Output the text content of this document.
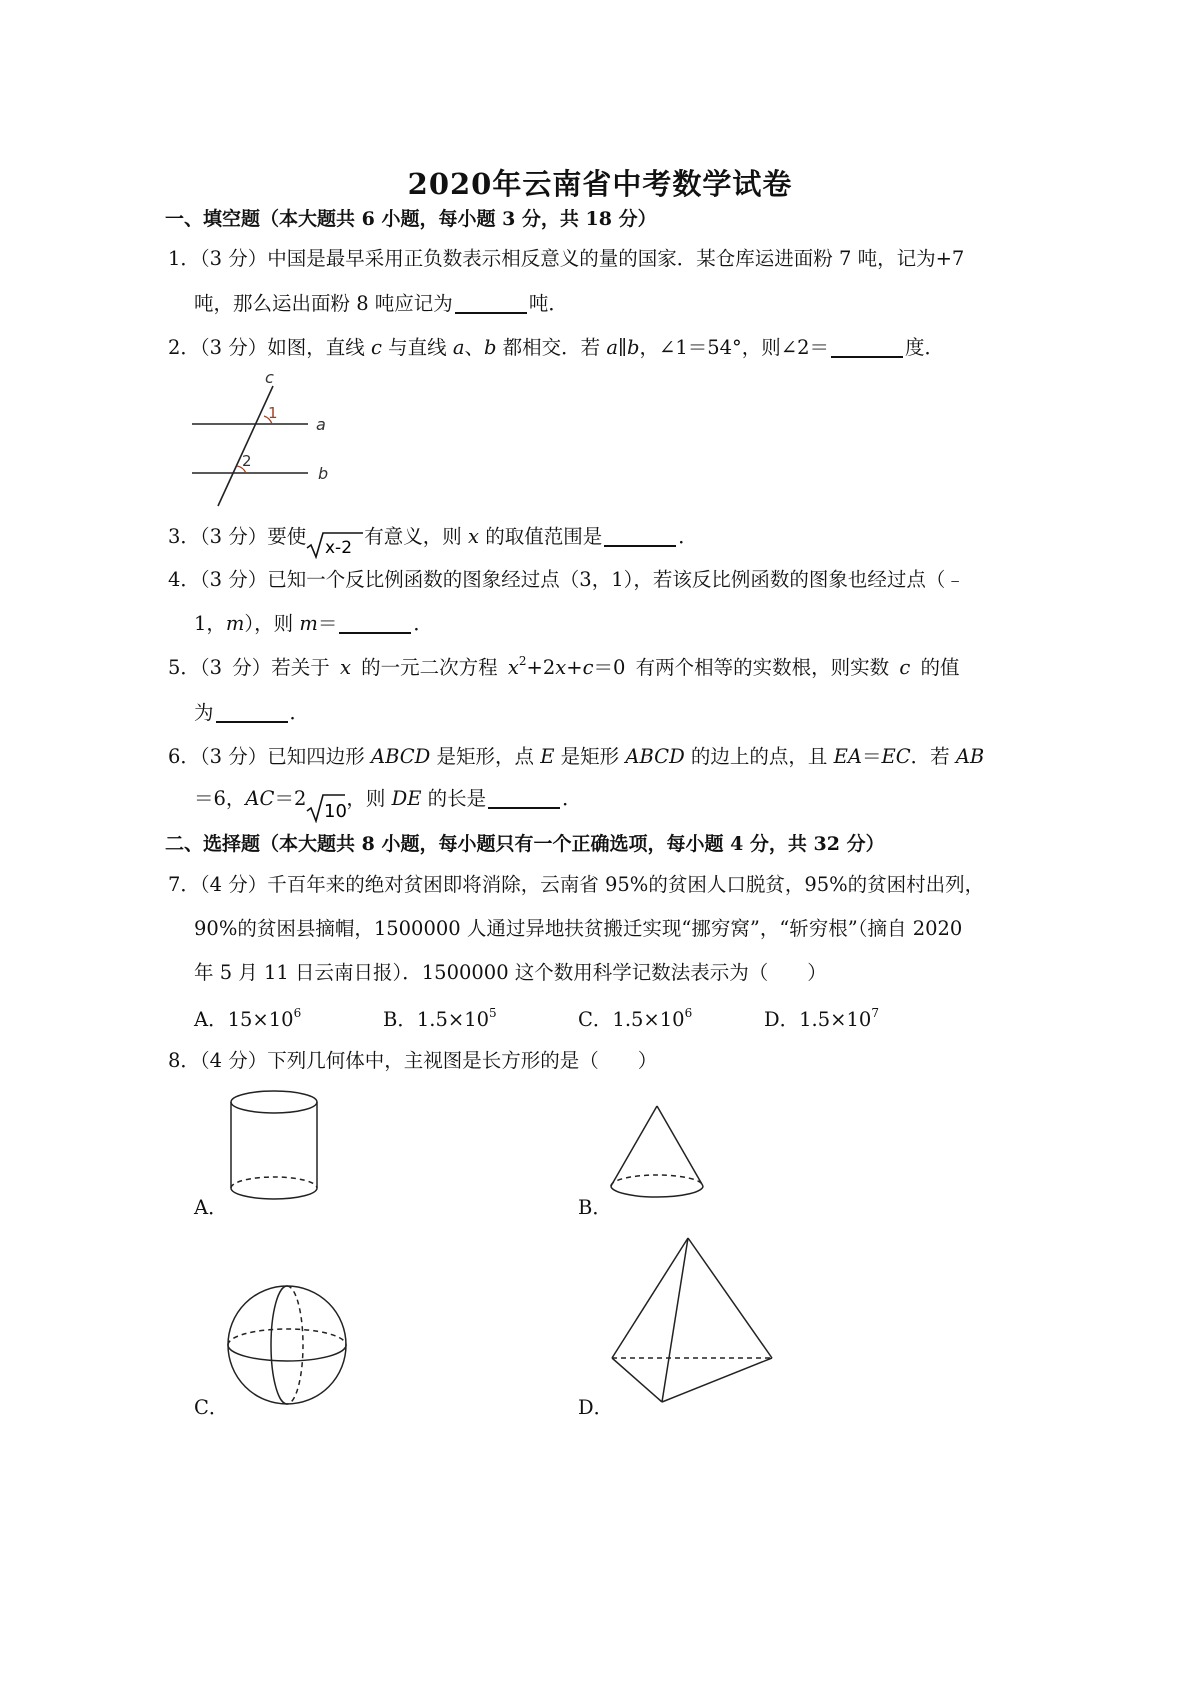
2020年云南省中考数学试卷
一、填空题（本大题共 6 小题，每小题 3 分，共 18 分）
1．（3 分）中国是最早采用正负数表示相反意义的量的国家．某仓库运进面粉 7 吨，记为+7
吨，那么运出面粉 8 吨应记为	吨．
2．（3 分）如图，直线 c 与直线 a、b 都相交．若 a∥b，∠1＝54°，则∠2＝	度．
c
a
b
1
2
3．（3 分）要使 x-2 有意义，则 x 的取值范围是	．
4．（3 分）已知一个反比例函数的图象经过点（3，1），若该反比例函数的图象也经过点（﹣
1，m），则 m＝	．
5．（3 分）若关于 x 的一元二次方程 $x^2+2x+c=0$ 有两个相等的实数根，则实数 c 的值
为	．
6．（3 分）已知四边形 ABCD 是矩形，点 E 是矩形 ABCD 的边上的点，且 EA＝EC．若 AB
＝6，AC＝2
10
，则 DE 的长是	．
二、选择题（本大题共 8 小题，每小题只有一个正确选项，每小题 4 分，共 32 分）
7．（4 分）千百年来的绝对贫困即将消除，云南省 95%的贫困人口脱贫，95%的贫困村出列，
90%的贫困县摘帽，1500000 人通过异地扶贫搬迁实现“挪穷窝”，“斩穷根”（摘自 2020
年 5 月 11 日云南日报）．1500000 这个数用科学记数法表示为（　　）
A．$15\times 10^6$	B．$1.5\times 10^5$	C．$1.5\times 10^6$	D．$1.5\times 10^7$
8．（4 分）下列几何体中，主视图是长方形的是（　　）
A．	B．
C．	D．
